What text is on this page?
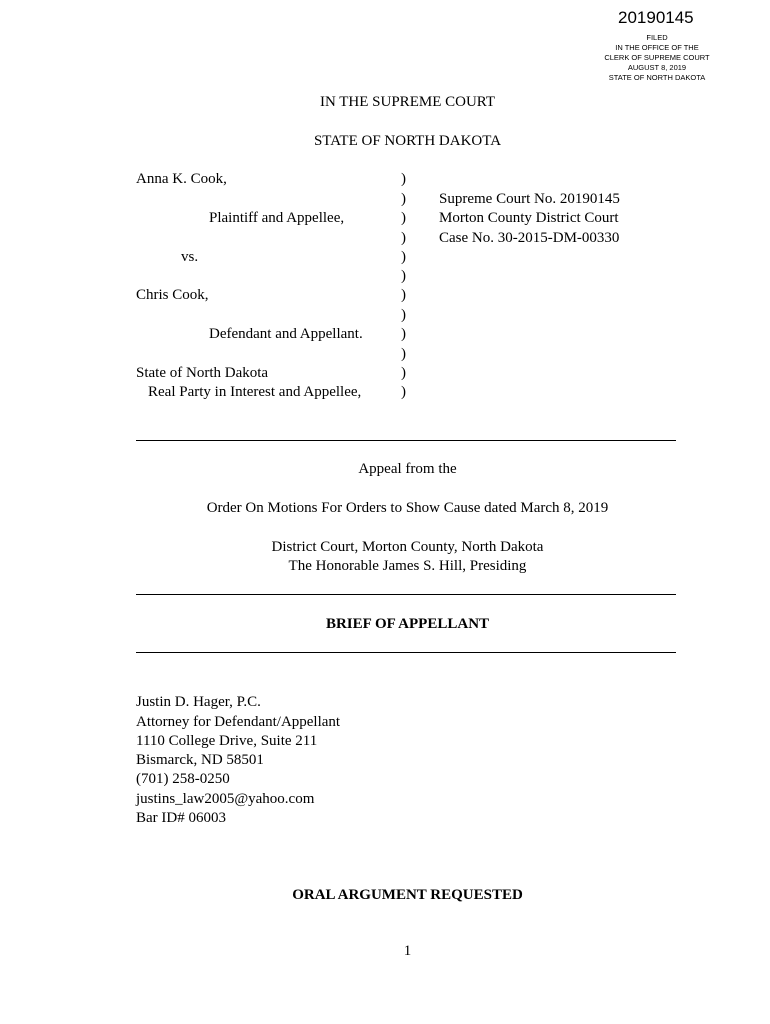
20190145
FILED
IN THE OFFICE OF THE
CLERK OF SUPREME COURT
AUGUST 8, 2019
STATE OF NORTH DAKOTA
IN THE SUPREME COURT
STATE OF NORTH DAKOTA
Anna K. Cook,
Plaintiff and Appellee,
vs.
Chris Cook,
Defendant and Appellant.
State of North Dakota
Real Party in Interest and Appellee,
)
)
)
)
)
)
)
)
)
)
)
)
Supreme Court No. 20190145
Morton County District Court
Case No. 30-2015-DM-00330
Appeal from the
Order On Motions For Orders to Show Cause dated March 8, 2019
District Court, Morton County, North Dakota
The Honorable James S. Hill, Presiding
BRIEF OF APPELLANT
Justin D. Hager, P.C.
Attorney for Defendant/Appellant
1110 College Drive, Suite 211
Bismarck, ND 58501
(701) 258-0250
justins_law2005@yahoo.com
Bar ID# 06003
ORAL ARGUMENT REQUESTED
1
